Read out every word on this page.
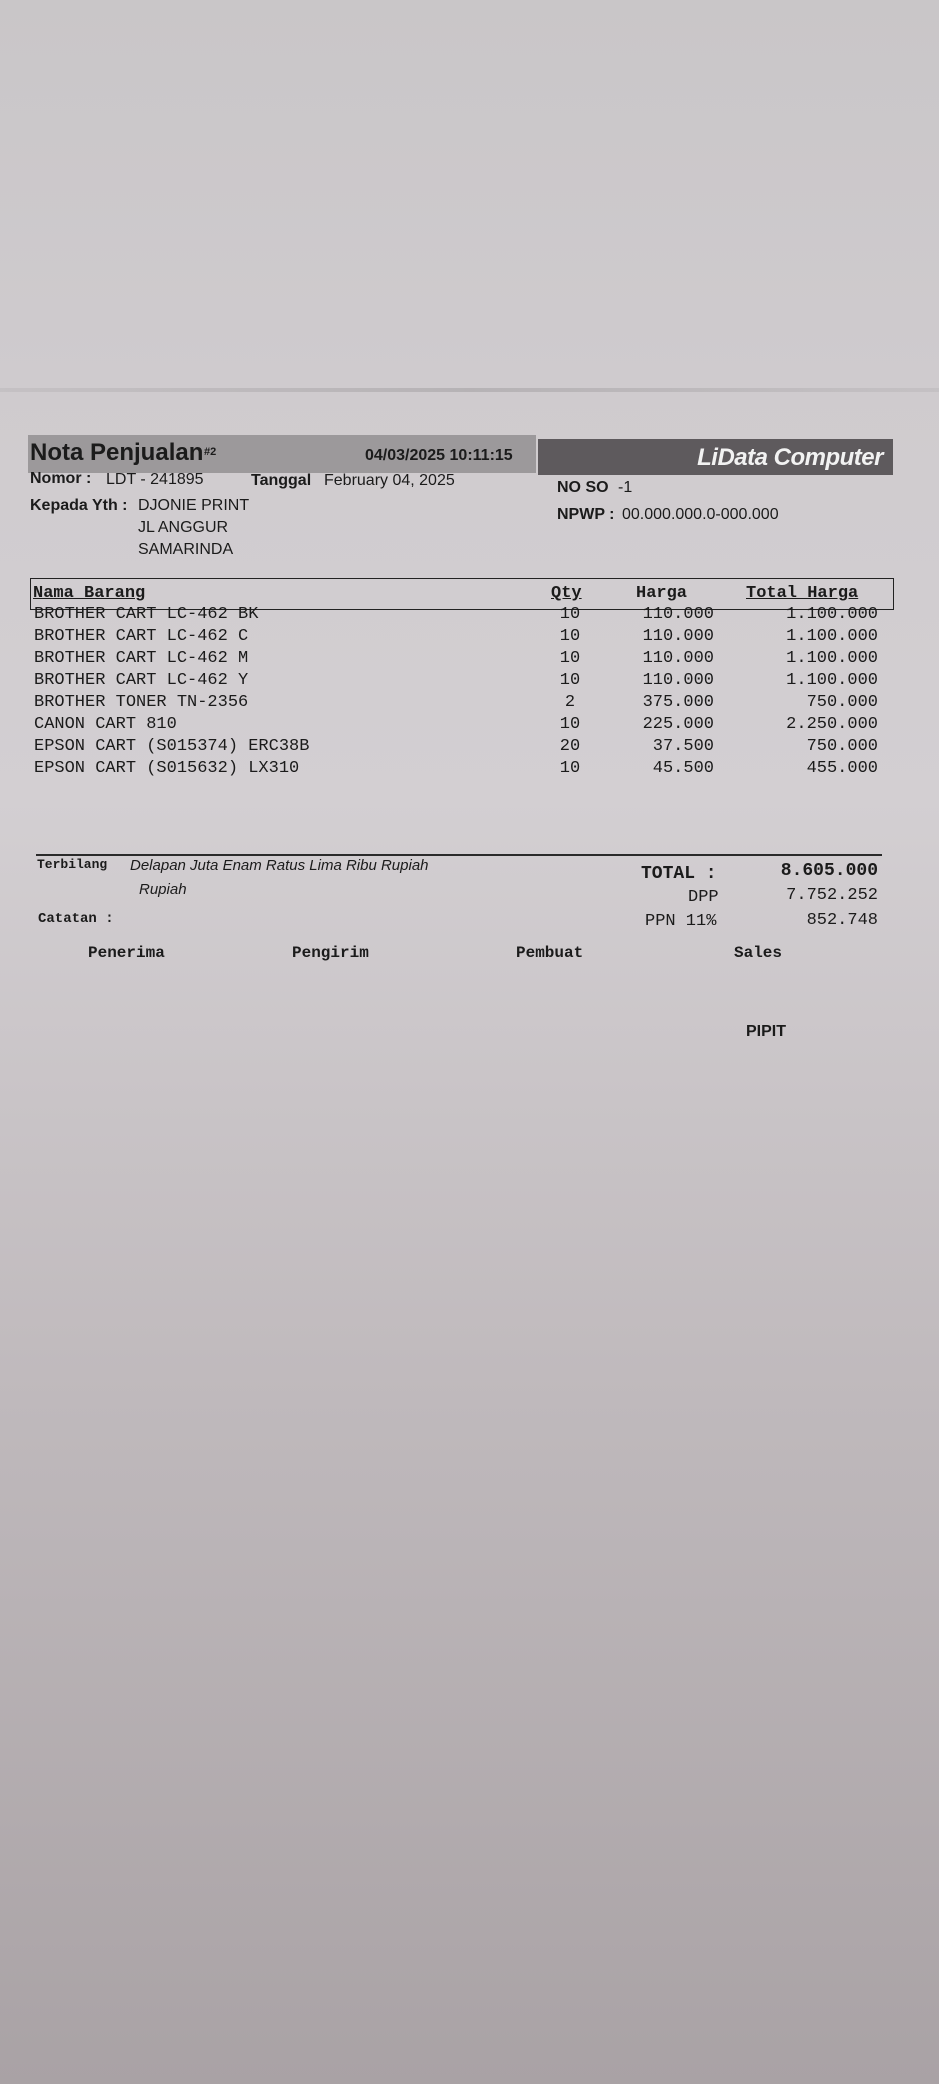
LiData Computer
Nota Penjualan #2	04/03/2025 10:11:15
Nomor : LDT - 241895	Tanggal February 04, 2025
Kepada Yth : DJONIE PRINT
JL ANGGUR
SAMARINDA
NO SO -1
NPWP : 00.000.000.0-000.000
Nama Barang	Qty	Harga	Total Harga
BROTHER CART LC-462 BK	10	110.000	1.100.000
BROTHER CART LC-462 C	10	110.000	1.100.000
BROTHER CART LC-462 M	10	110.000	1.100.000
BROTHER CART LC-462 Y	10	110.000	1.100.000
BROTHER TONER TN-2356	2	375.000	750.000
CANON CART 810	10	225.000	2.250.000
EPSON CART (S015374) ERC38B	20	37.500	750.000
EPSON CART (S015632) LX310	10	45.500	455.000
Terbilang Delapan Juta Enam Ratus Lima Ribu Rupiah
Rupiah
Catatan :
TOTAL :	8.605.000
DPP	7.752.252
PPN 11%	852.748
Penerima	Pengirim	Pembuat	Sales
PIPIT
